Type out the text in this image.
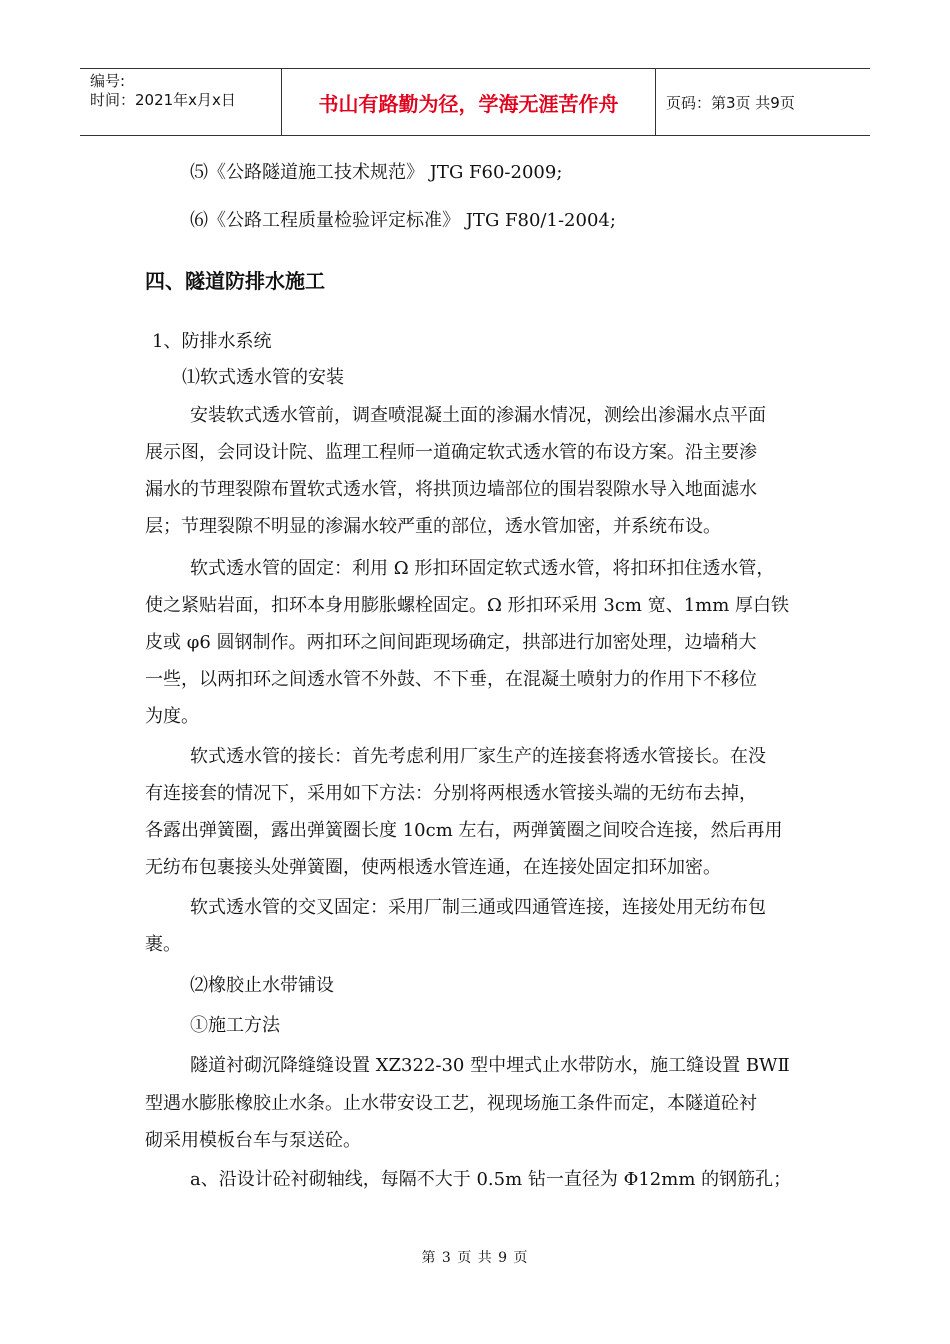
编号:
时间：2021年x月x日	书山有路勤为径，学海无涯苦作舟	页码：第3页 共9页
⑸《公路隧道施工技术规范》 JTG F60-2009;
⑹《公路工程质量检验评定标准》 JTG F80/1-2004;
四、隧道防排水施工
1、防排水系统
⑴软式透水管的安装
安装软式透水管前，调查喷混凝土面的渗漏水情况，测绘出渗漏水点平面
展示图，会同设计院、监理工程师一道确定软式透水管的布设方案。沿主要渗
漏水的节理裂隙布置软式透水管，将拱顶边墙部位的围岩裂隙水导入地面滤水
层；节理裂隙不明显的渗漏水较严重的部位，透水管加密，并系统布设。
软式透水管的固定：利用 Ω 形扣环固定软式透水管，将扣环扣住透水管，
使之紧贴岩面，扣环本身用膨胀螺栓固定。Ω 形扣环采用 3cm 宽、1mm 厚白铁
皮或 φ6 圆钢制作。两扣环之间间距现场确定，拱部进行加密处理，边墙稍大
一些，以两扣环之间透水管不外鼓、不下垂，在混凝土喷射力的作用下不移位
为度。
软式透水管的接长：首先考虑利用厂家生产的连接套将透水管接长。在没
有连接套的情况下，采用如下方法：分别将两根透水管接头端的无纺布去掉，
各露出弹簧圈，露出弹簧圈长度 10cm 左右，两弹簧圈之间咬合连接，然后再用
无纺布包裹接头处弹簧圈，使两根透水管连通，在连接处固定扣环加密。
软式透水管的交叉固定：采用厂制三通或四通管连接，连接处用无纺布包
裹。
⑵橡胶止水带铺设
①施工方法
隧道衬砌沉降缝缝设置 XZ322-30 型中埋式止水带防水，施工缝设置 BWⅡ
型遇水膨胀橡胶止水条。止水带安设工艺，视现场施工条件而定，本隧道砼衬
砌采用模板台车与泵送砼。
a、沿设计砼衬砌轴线，每隔不大于 0.5m 钻一直径为 Φ12mm 的钢筋孔；
第 3 页 共 9 页
